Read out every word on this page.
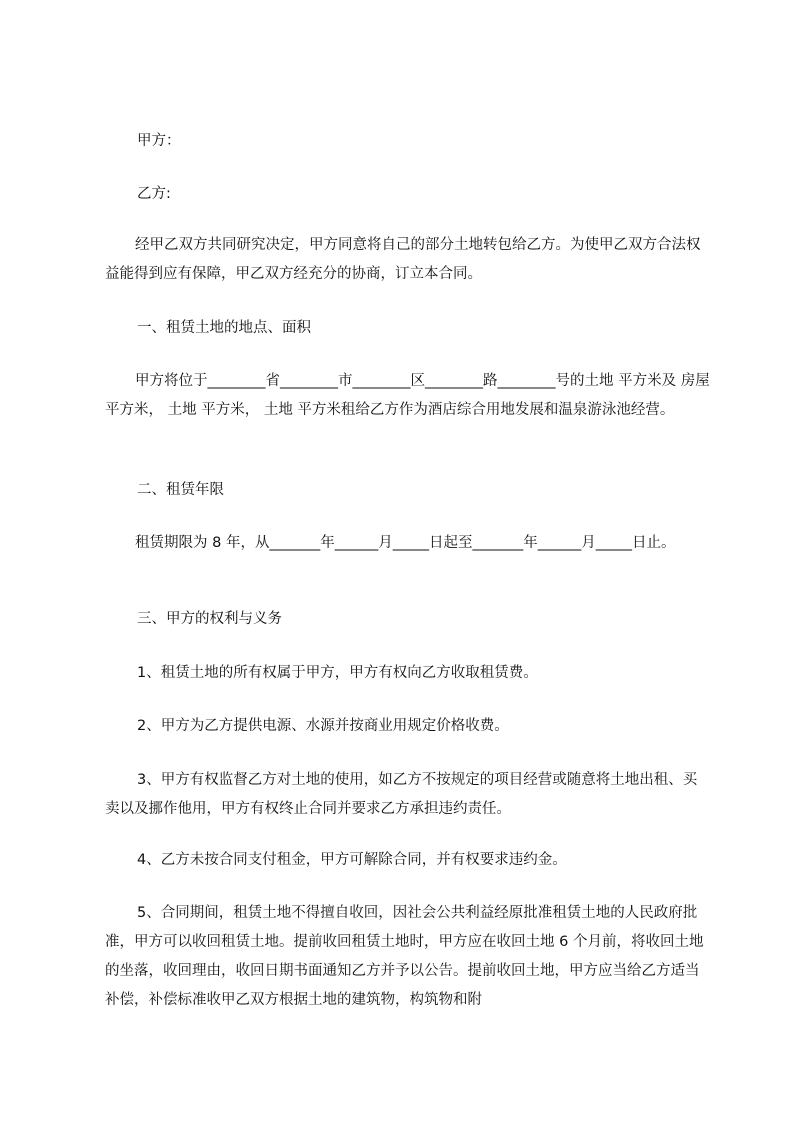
甲方：

乙方:

经甲乙双方共同研究决定，甲方同意将自己的部分土地转包给乙方。为使甲乙双方合法权益能得到应有保障，甲乙双方经充分的协商，订立本合同。

一、租赁土地的地点、面积

甲方将位于________省________市________区________路________号的土地 平方米及 房屋 平方米， 土地 平方米， 土地 平方米租给乙方作为酒店综合用地发展和温泉游泳池经营。

二、租赁年限

租赁期限为 8 年，从_______年______月_____日起至_______年______月_____日止。

三、甲方的权利与义务

1、租赁土地的所有权属于甲方，甲方有权向乙方收取租赁费。

2、甲方为乙方提供电源、水源并按商业用规定价格收费。

3、甲方有权监督乙方对土地的使用，如乙方不按规定的项目经营或随意将土地出租、买卖以及挪作他用，甲方有权终止合同并要求乙方承担违约责任。

4、乙方未按合同支付租金，甲方可解除合同，并有权要求违约金。

5、合同期间，租赁土地不得擅自收回，因社会公共利益经原批准租赁土地的人民政府批准，甲方可以收回租赁土地。提前收回租赁土地时，甲方应在收回土地 6 个月前，将收回土地的坐落，收回理由，收回日期书面通知乙方并予以公告。提前收回土地，甲方应当给乙方适当补偿，补偿标准收甲乙双方根据土地的建筑物，构筑物和附
